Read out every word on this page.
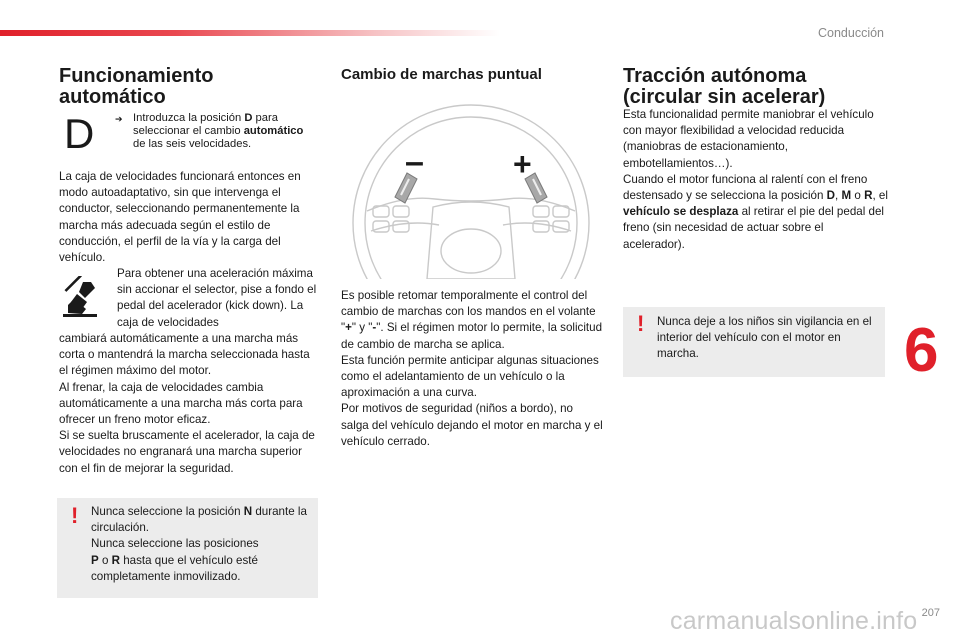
Conducción
Funcionamiento automático
D ➔ Introduzca la posición D para seleccionar el cambio automático de las seis velocidades.

La caja de velocidades funcionará entonces en modo autoadaptativo, sin que intervenga el conductor, seleccionando permanentemente la marcha más adecuada según el estilo de conducción, el perfil de la vía y la carga del vehículo.

Para obtener una aceleración máxima sin accionar el selector, pise a fondo el pedal del acelerador (kick down). La caja de velocidades

cambiará automáticamente a una marcha más corta o mantendrá la marcha seleccionada hasta el régimen máximo del motor.
Al frenar, la caja de velocidades cambia automáticamente a una marcha más corta para ofrecer un freno motor eficaz.
Si se suelta bruscamente el acelerador, la caja de velocidades no engranará una marcha superior con el fin de mejorar la seguridad.

! Nunca seleccione la posición N durante la circulación.
Nunca seleccione las posiciones
P o R hasta que el vehículo esté completamente inmovilizado.

Cambio de marchas puntual
–	+

Es posible retomar temporalmente el control del cambio de marchas con los mandos en el volante "+" y "-". Si el régimen motor lo permite, la solicitud de cambio de marcha se aplica.
Esta función permite anticipar algunas situaciones como el adelantamiento de un vehículo o la aproximación a una curva.
Por motivos de seguridad (niños a bordo), no salga del vehículo dejando el motor en marcha y el vehículo cerrado.

Tracción autónoma (circular sin acelerar)

Esta funcionalidad permite maniobrar el vehículo con mayor flexibilidad a velocidad reducida (maniobras de estacionamiento, embotellamientos…).
Cuando el motor funciona al ralentí con el freno destensado y se selecciona la posición D, M o R, el vehículo se desplaza al retirar el pie del pedal del freno (sin necesidad de actuar sobre el acelerador).

! Nunca deje a los niños sin vigilancia en el interior del vehículo con el motor en marcha.	6
carmanualsonline.info 207
